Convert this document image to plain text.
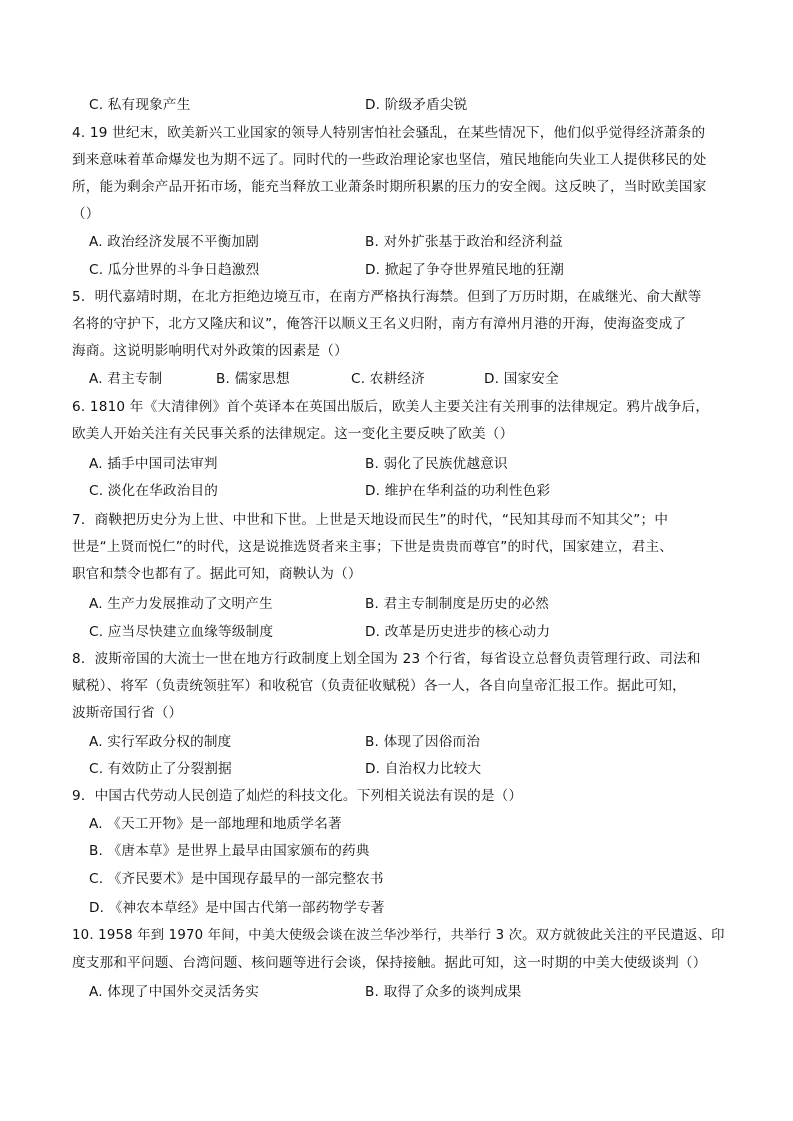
C. 私有现象产生	D. 阶级矛盾尖锐
4. 19 世纪末，欧美新兴工业国家的领导人特别害怕社会骚乱，在某些情况下，他们似乎觉得经济萧条的
到来意味着革命爆发也为期不远了。同时代的一些政治理论家也坚信，殖民地能向失业工人提供移民的处
所，能为剩余产品开拓市场，能充当释放工业萧条时期所积累的压力的安全阀。这反映了，当时欧美国家
（）
A. 政治经济发展不平衡加剧	B. 对外扩张基于政治和经济利益
C. 瓜分世界的斗争日趋激烈	D. 掀起了争夺世界殖民地的狂潮
5．明代嘉靖时期，在北方拒绝边境互市，在南方严格执行海禁。但到了万历时期，在戚继光、俞大猷等
名将的守护下，北方又隆庆和议”，俺答汗以顺义王名义归附，南方有漳州月港的开海，使海盗变成了
海商。这说明影响明代对外政策的因素是（）
A. 君主专制	B. 儒家思想	C. 农耕经济	D. 国家安全
6. 1810 年《大清律例》首个英译本在英国出版后，欧美人主要关注有关刑事的法律规定。鸦片战争后，
欧美人开始关注有关民事关系的法律规定。这一变化主要反映了欧美（）
A. 插手中国司法审判	B. 弱化了民族优越意识
C. 淡化在华政治目的	D. 维护在华利益的功利性色彩
7．商鞅把历史分为上世、中世和下世。上世是天地设而民生”的时代，“民知其母而不知其父”；中
世是“上贤而悦仁”的时代，这是说推选贤者来主事；下世是贵贵而尊官”的时代，国家建立，君主、
职官和禁令也都有了。据此可知，商鞅认为（）
A. 生产力发展推动了文明产生	B. 君主专制制度是历史的必然
C. 应当尽快建立血缘等级制度	D. 改革是历史进步的核心动力
8．波斯帝国的大流士一世在地方行政制度上划全国为 23 个行省，每省设立总督负责管理行政、司法和
赋税）、将军（负责统领驻军）和收税官（负责征收赋税）各一人，各自向皇帝汇报工作。据此可知，
波斯帝国行省（）
A. 实行军政分权的制度	B. 体现了因俗而治
C. 有效防止了分裂割据	D. 自治权力比较大
9．中国古代劳动人民创造了灿烂的科技文化。下列相关说法有误的是（）
A. 《天工开物》是一部地理和地质学名著
B. 《唐本草》是世界上最早由国家颁布的药典
C. 《齐民要术》是中国现存最早的一部完整农书
D. 《神农本草经》是中国古代第一部药物学专著
10. 1958 年到 1970 年间，中美大使级会谈在波兰华沙举行，共举行 3 次。双方就彼此关注的平民遣返、印
度支那和平问题、台湾问题、核问题等进行会谈，保持接触。据此可知，这一时期的中美大使级谈判（）
A. 体现了中国外交灵活务实	B. 取得了众多的谈判成果
